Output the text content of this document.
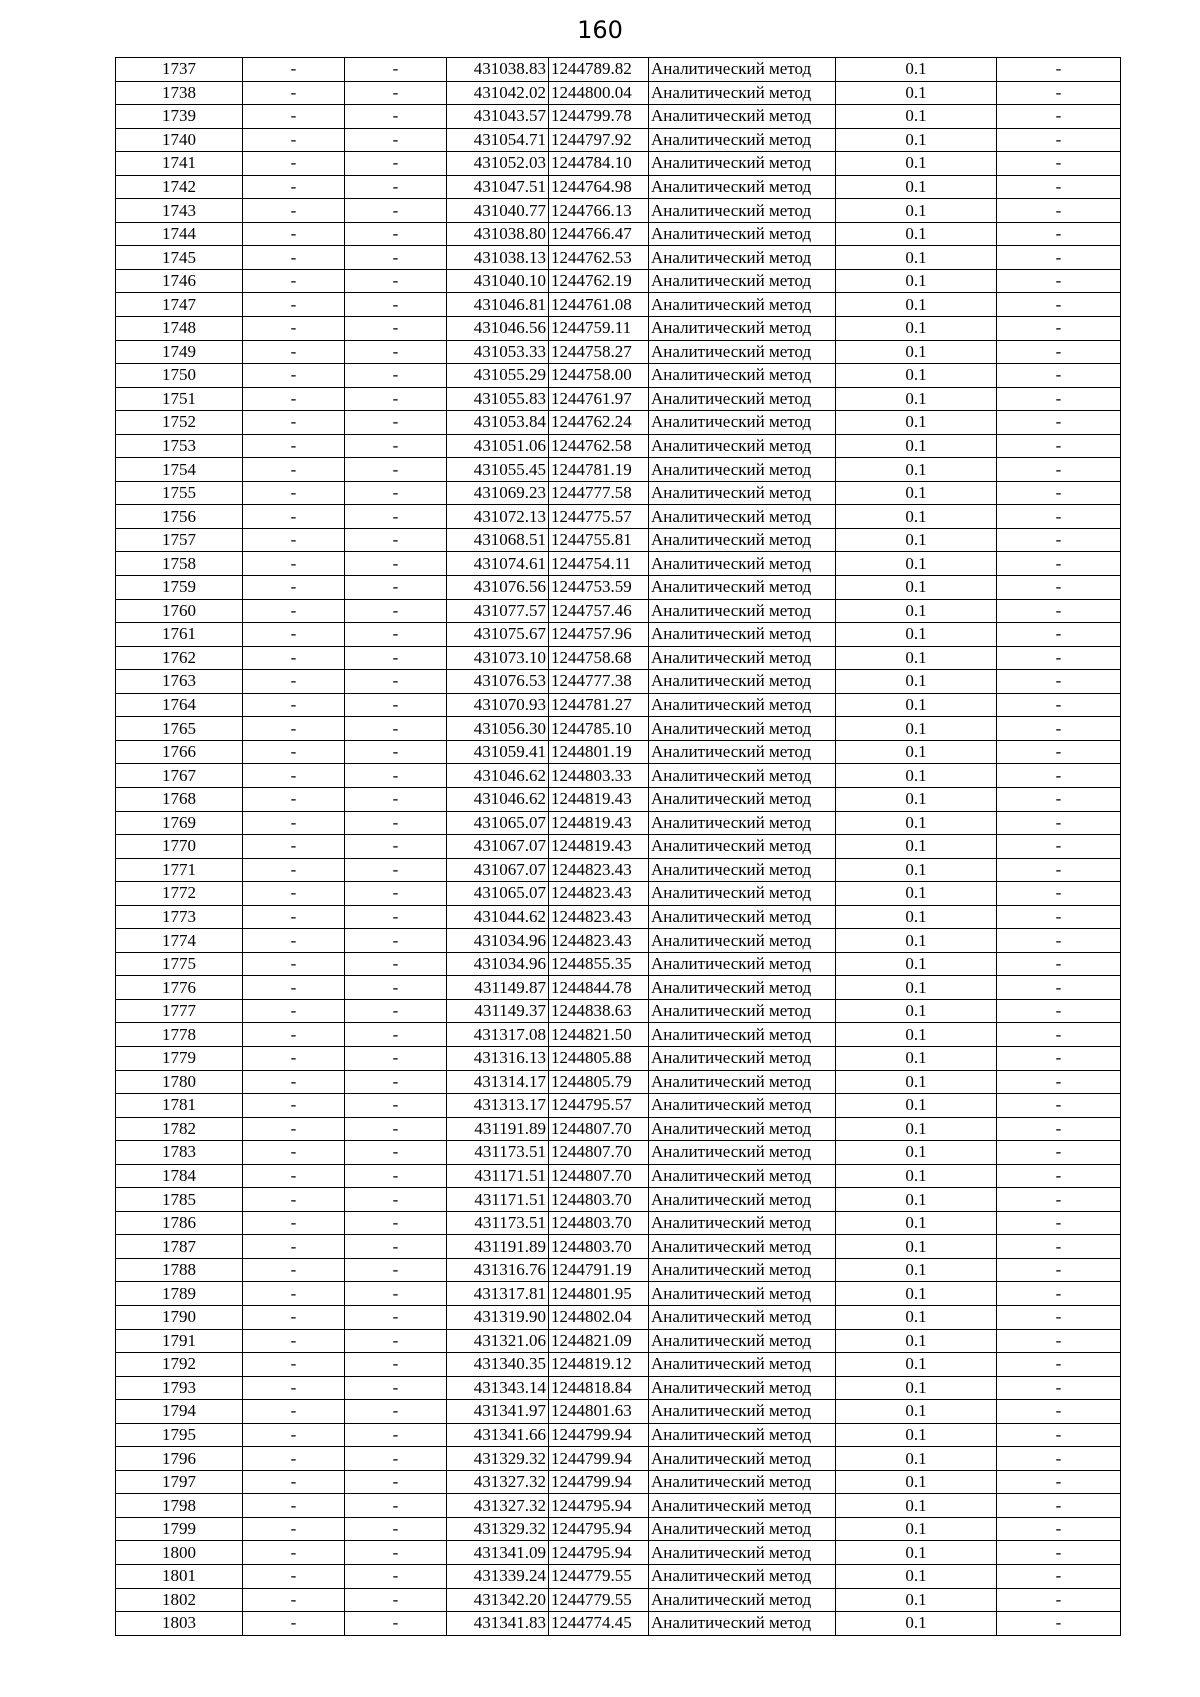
160
1737	-	-	431038.83	1244789.82	Аналитический метод	0.1	-
1738	-	-	431042.02	1244800.04	Аналитический метод	0.1	-
1739	-	-	431043.57	1244799.78	Аналитический метод	0.1	-
1740	-	-	431054.71	1244797.92	Аналитический метод	0.1	-
1741	-	-	431052.03	1244784.10	Аналитический метод	0.1	-
1742	-	-	431047.51	1244764.98	Аналитический метод	0.1	-
1743	-	-	431040.77	1244766.13	Аналитический метод	0.1	-
1744	-	-	431038.80	1244766.47	Аналитический метод	0.1	-
1745	-	-	431038.13	1244762.53	Аналитический метод	0.1	-
1746	-	-	431040.10	1244762.19	Аналитический метод	0.1	-
1747	-	-	431046.81	1244761.08	Аналитический метод	0.1	-
1748	-	-	431046.56	1244759.11	Аналитический метод	0.1	-
1749	-	-	431053.33	1244758.27	Аналитический метод	0.1	-
1750	-	-	431055.29	1244758.00	Аналитический метод	0.1	-
1751	-	-	431055.83	1244761.97	Аналитический метод	0.1	-
1752	-	-	431053.84	1244762.24	Аналитический метод	0.1	-
1753	-	-	431051.06	1244762.58	Аналитический метод	0.1	-
1754	-	-	431055.45	1244781.19	Аналитический метод	0.1	-
1755	-	-	431069.23	1244777.58	Аналитический метод	0.1	-
1756	-	-	431072.13	1244775.57	Аналитический метод	0.1	-
1757	-	-	431068.51	1244755.81	Аналитический метод	0.1	-
1758	-	-	431074.61	1244754.11	Аналитический метод	0.1	-
1759	-	-	431076.56	1244753.59	Аналитический метод	0.1	-
1760	-	-	431077.57	1244757.46	Аналитический метод	0.1	-
1761	-	-	431075.67	1244757.96	Аналитический метод	0.1	-
1762	-	-	431073.10	1244758.68	Аналитический метод	0.1	-
1763	-	-	431076.53	1244777.38	Аналитический метод	0.1	-
1764	-	-	431070.93	1244781.27	Аналитический метод	0.1	-
1765	-	-	431056.30	1244785.10	Аналитический метод	0.1	-
1766	-	-	431059.41	1244801.19	Аналитический метод	0.1	-
1767	-	-	431046.62	1244803.33	Аналитический метод	0.1	-
1768	-	-	431046.62	1244819.43	Аналитический метод	0.1	-
1769	-	-	431065.07	1244819.43	Аналитический метод	0.1	-
1770	-	-	431067.07	1244819.43	Аналитический метод	0.1	-
1771	-	-	431067.07	1244823.43	Аналитический метод	0.1	-
1772	-	-	431065.07	1244823.43	Аналитический метод	0.1	-
1773	-	-	431044.62	1244823.43	Аналитический метод	0.1	-
1774	-	-	431034.96	1244823.43	Аналитический метод	0.1	-
1775	-	-	431034.96	1244855.35	Аналитический метод	0.1	-
1776	-	-	431149.87	1244844.78	Аналитический метод	0.1	-
1777	-	-	431149.37	1244838.63	Аналитический метод	0.1	-
1778	-	-	431317.08	1244821.50	Аналитический метод	0.1	-
1779	-	-	431316.13	1244805.88	Аналитический метод	0.1	-
1780	-	-	431314.17	1244805.79	Аналитический метод	0.1	-
1781	-	-	431313.17	1244795.57	Аналитический метод	0.1	-
1782	-	-	431191.89	1244807.70	Аналитический метод	0.1	-
1783	-	-	431173.51	1244807.70	Аналитический метод	0.1	-
1784	-	-	431171.51	1244807.70	Аналитический метод	0.1	-
1785	-	-	431171.51	1244803.70	Аналитический метод	0.1	-
1786	-	-	431173.51	1244803.70	Аналитический метод	0.1	-
1787	-	-	431191.89	1244803.70	Аналитический метод	0.1	-
1788	-	-	431316.76	1244791.19	Аналитический метод	0.1	-
1789	-	-	431317.81	1244801.95	Аналитический метод	0.1	-
1790	-	-	431319.90	1244802.04	Аналитический метод	0.1	-
1791	-	-	431321.06	1244821.09	Аналитический метод	0.1	-
1792	-	-	431340.35	1244819.12	Аналитический метод	0.1	-
1793	-	-	431343.14	1244818.84	Аналитический метод	0.1	-
1794	-	-	431341.97	1244801.63	Аналитический метод	0.1	-
1795	-	-	431341.66	1244799.94	Аналитический метод	0.1	-
1796	-	-	431329.32	1244799.94	Аналитический метод	0.1	-
1797	-	-	431327.32	1244799.94	Аналитический метод	0.1	-
1798	-	-	431327.32	1244795.94	Аналитический метод	0.1	-
1799	-	-	431329.32	1244795.94	Аналитический метод	0.1	-
1800	-	-	431341.09	1244795.94	Аналитический метод	0.1	-
1801	-	-	431339.24	1244779.55	Аналитический метод	0.1	-
1802	-	-	431342.20	1244779.55	Аналитический метод	0.1	-
1803	-	-	431341.83	1244774.45	Аналитический метод	0.1	-
